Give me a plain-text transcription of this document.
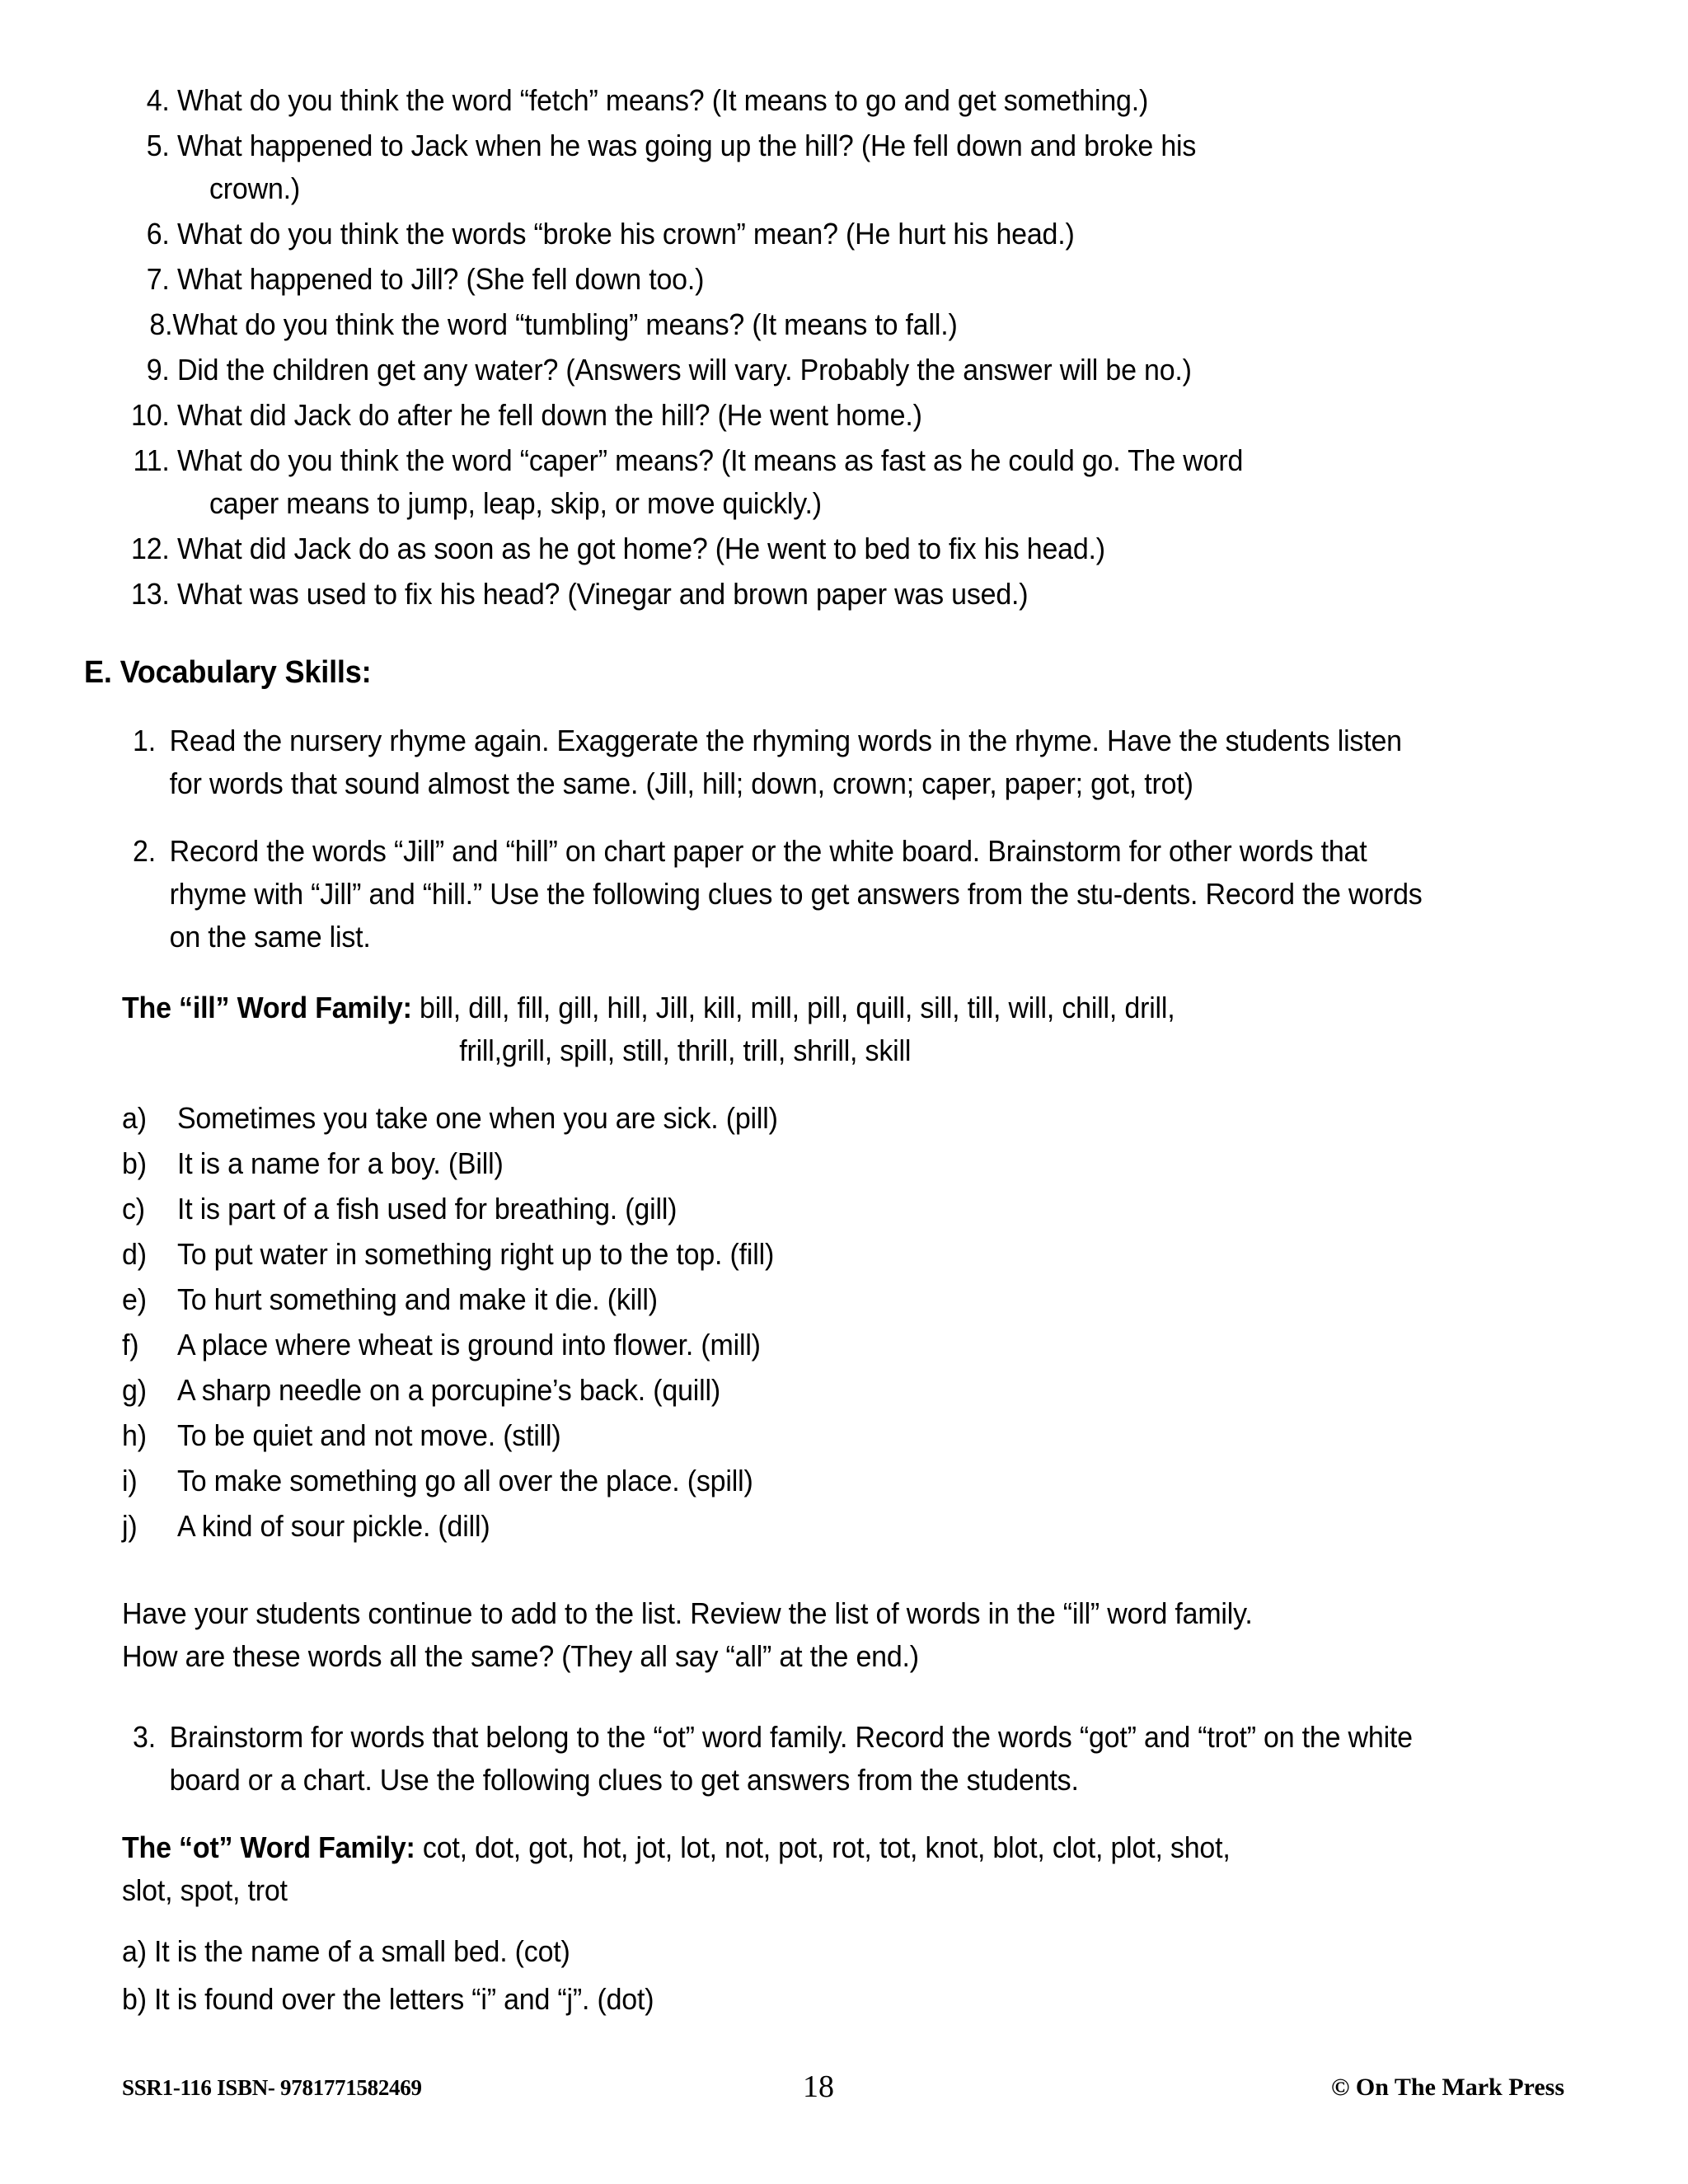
4. What do you think the word “fetch” means? (It means to go and get something.)
5. What happened to Jack when he was going up the hill? (He fell down and broke his
crown.)
6. What do you think the words “broke his crown” mean? (He hurt his head.)
7. What happened to Jill? (She fell down too.)
8. What do you think the word “tumbling” means? (It means to fall.)
9. Did the children get any water? (Answers will vary. Probably the answer will be no.)
10. What did Jack do after he fell down the hill? (He went home.)
11. What do you think the word “caper” means? (It means as fast as he could go. The word
caper means to jump, leap, skip, or move quickly.)
12. What did Jack do as soon as he got home? (He went to bed to fix his head.)
13. What was used to fix his head? (Vinegar and brown paper was used.)
E. Vocabulary Skills:
1. Read the nursery rhyme again. Exaggerate the rhyming words in the rhyme. Have the students listen for words that sound almost the same. (Jill, hill; down, crown; caper, paper; got, trot)
2. Record the words “Jill” and “hill” on chart paper or the white board. Brainstorm for other words that rhyme with “Jill” and “hill.” Use the following clues to get answers from the stu-dents. Record the words on the same list.
The “ill” Word Family: bill, dill, fill, gill, hill, Jill, kill, mill, pill, quill, sill, till, will, chill, drill,
frill,grill, spill, still, thrill, trill, shrill, skill
a)	Sometimes you take one when you are sick. (pill)
b)	It is a name for a boy. (Bill)
c)	It is part of a fish used for breathing. (gill)
d)	To put water in something right up to the top. (fill)
e)	To hurt something and make it die. (kill)
f)	A place where wheat is ground into flower. (mill)
g)	A sharp needle on a porcupine’s back. (quill)
h)	To be quiet and not move. (still)
i)	To make something go all over the place. (spill)
j)	A kind of sour pickle. (dill)
Have your students continue to add to the list. Review the list of words in the “ill” word family.
How are these words all the same? (They all say “all” at the end.)
3. Brainstorm for words that belong to the “ot” word family. Record the words “got” and “trot” on the white board or a chart. Use the following clues to get answers from the students.
The “ot” Word Family: cot, dot, got, hot, jot, lot, not, pot, rot, tot, knot, blot, clot, plot, shot,
slot, spot, trot
a) It is the name of a small bed. (cot)
b) It is found over the letters “i” and “j”. (dot)
SSR1-116 ISBN- 9781771582469	18	© On The Mark Press
